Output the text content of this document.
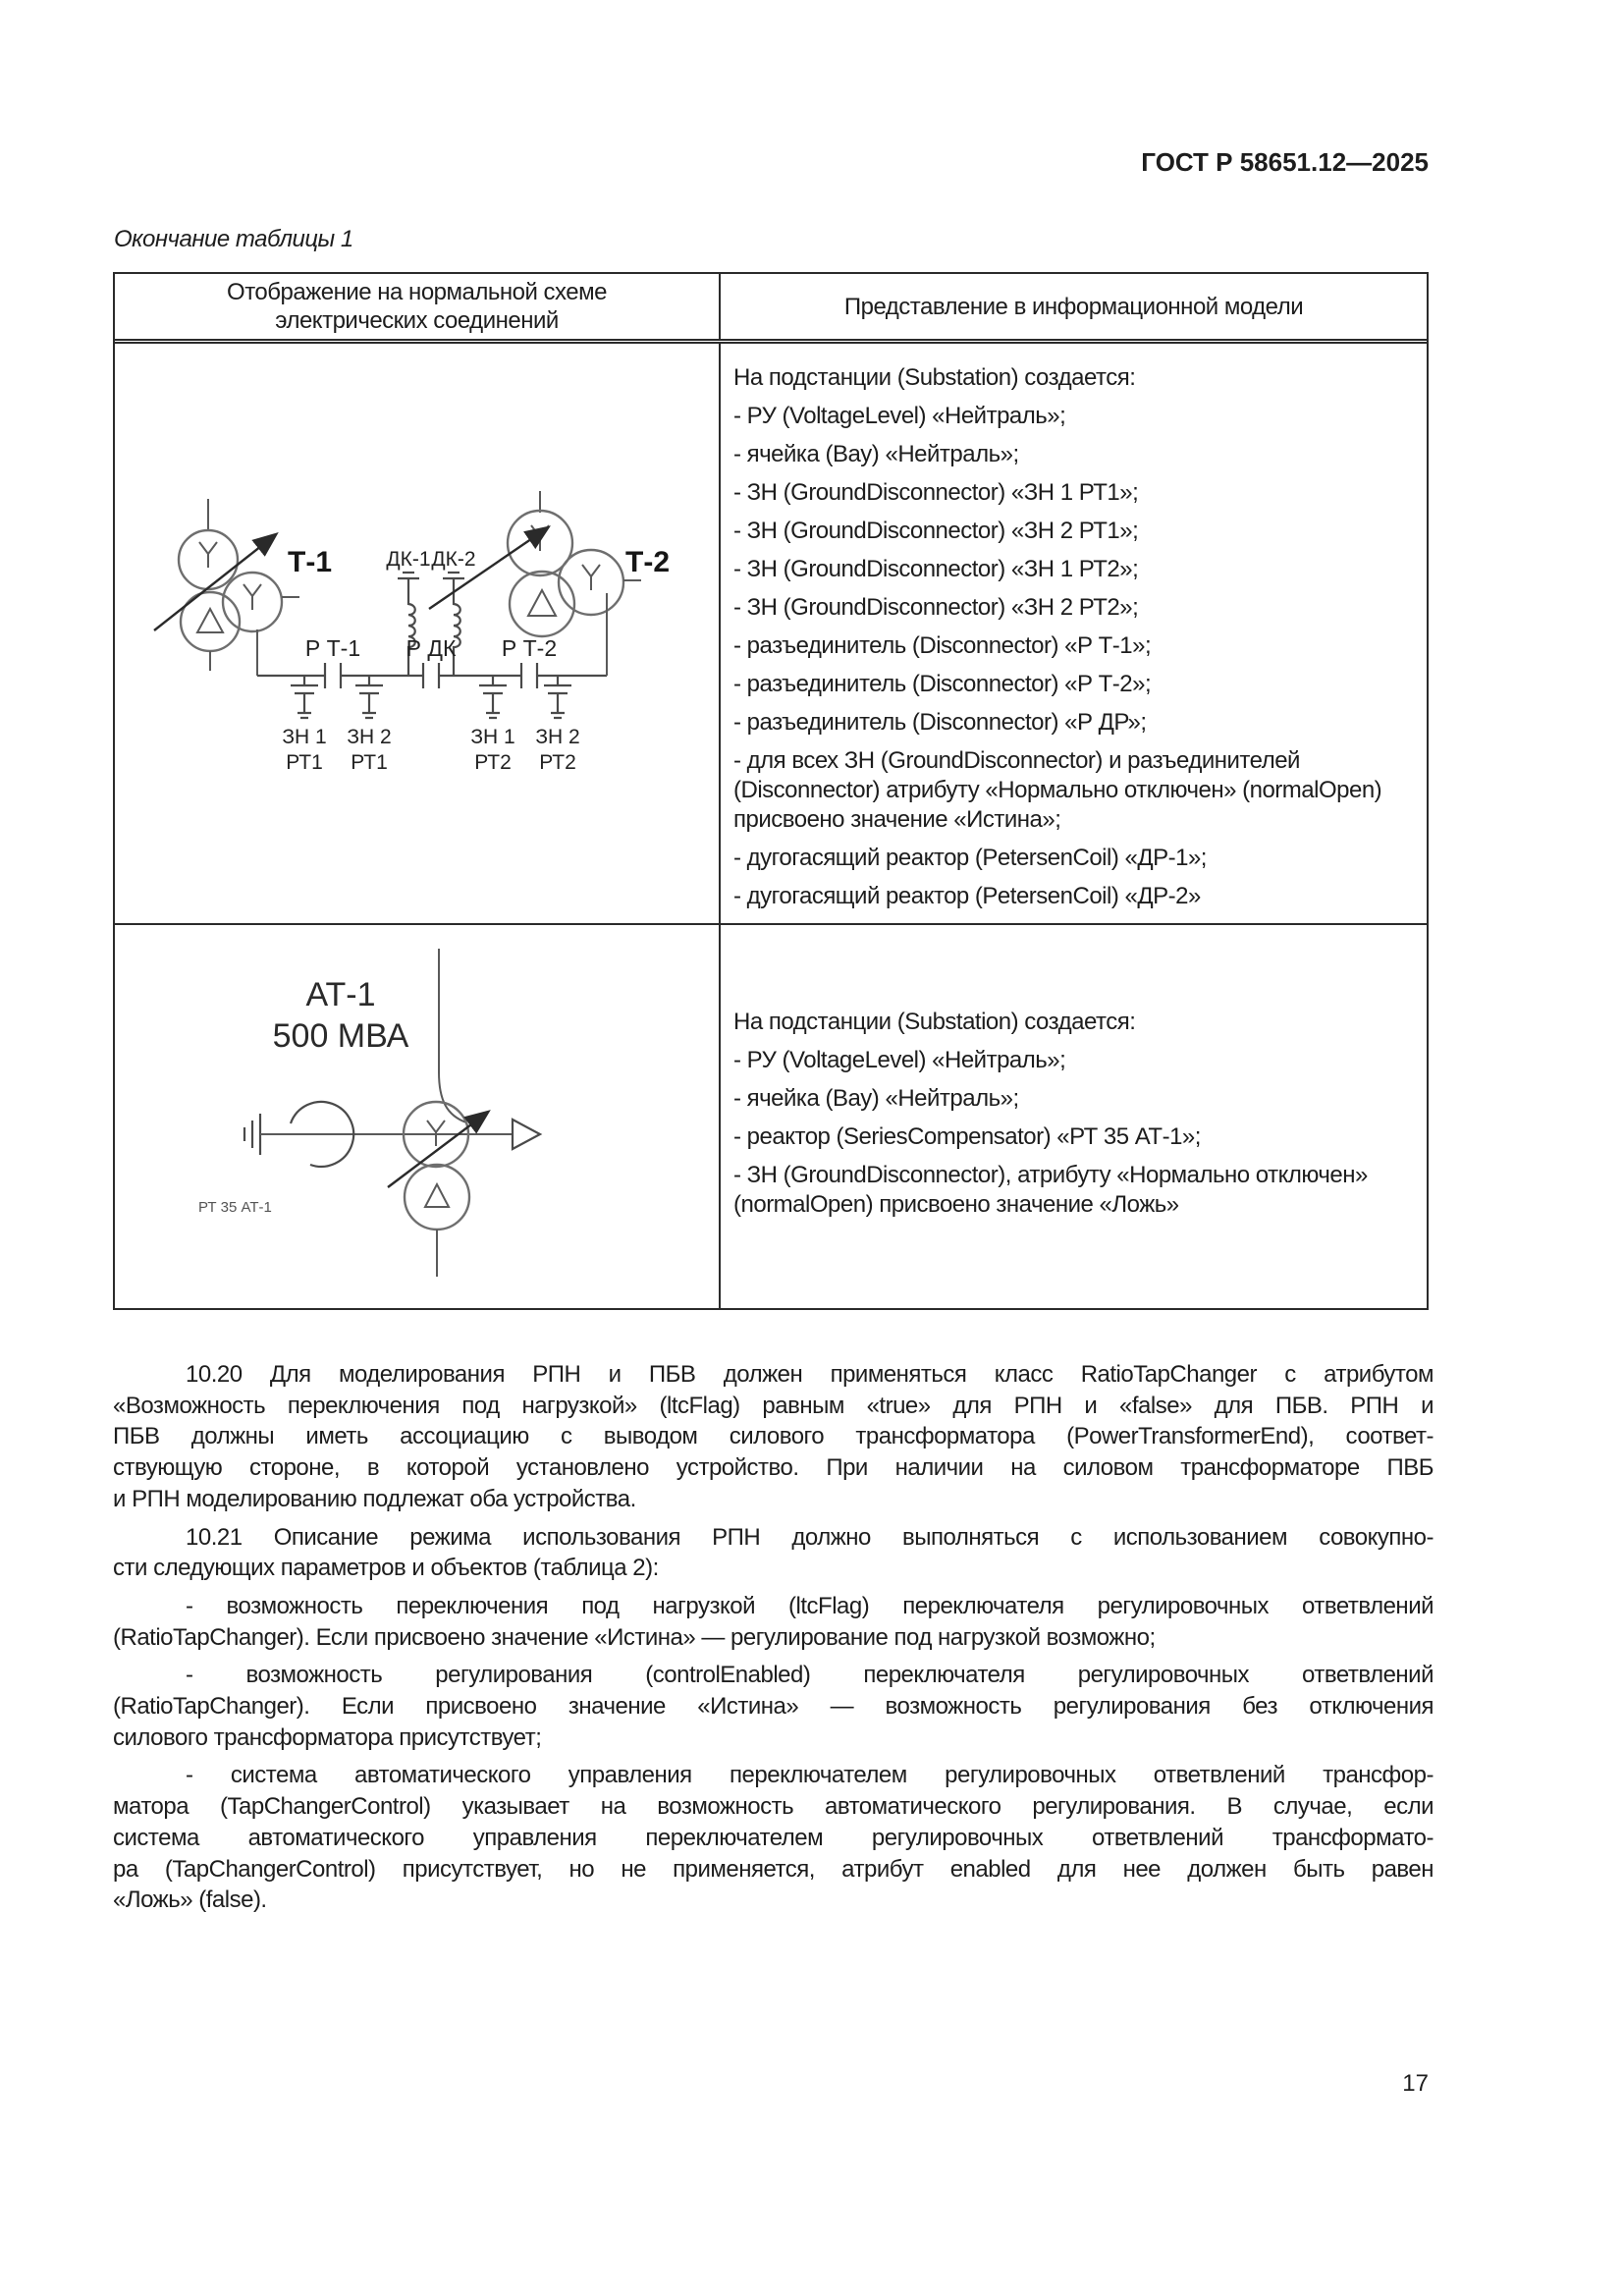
ГОСТ Р 58651.12—2025
Окончание таблицы 1
Отображение на нормальной схеме электрических соединений
Представление в информационной модели
Т-1	ДК-1 ДК-2
Р Т-1 Р ДК Р Т-2
ЗН 1
РТ1
ЗН 2
РТ1
ЗН 1
РТ2
ЗН 2
РТ2
Т-2
На подстанции (Substation) создается:
- РУ (VoltageLevel) «Нейтраль»;
- ячейка (Bay) «Нейтраль»;
- ЗН (GroundDisconnector) «ЗН 1 РТ1»;
- ЗН (GroundDisconnector) «ЗН 2 РТ1»;
- ЗН (GroundDisconnector) «ЗН 1 РТ2»;
- ЗН (GroundDisconnector) «ЗН 2 РТ2»;
- разъединитель (Disconnector) «Р Т-1»;
- разъединитель (Disconnector) «Р Т-2»;
- разъединитель (Disconnector) «Р ДР»;
- для всех ЗН (GroundDisconnector) и разъединителей (Disconnector) атрибуту «Нормально отключен» (normalOpen) присвоено значение «Истина»;
- дугогасящий реактор (PetersenCoil) «ДР-1»;
- дугогасящий реактор (PetersenCoil) «ДР-2»
АТ-1
500 МВА
РТ 35 АТ-1
На подстанции (Substation) создается:
- РУ (VoltageLevel) «Нейтраль»;
- ячейка (Bay) «Нейтраль»;
- реактор (SeriesCompensator) «РТ 35 АТ-1»;
- ЗН (GroundDisconnector), атрибуту «Нормально отключен» (normalOpen) присвоено значение «Ложь»
10.20 Для моделирования РПН и ПБВ должен применяться класс RatioTapChanger с атрибутом
«Возможность переключения под нагрузкой» (ltcFlag) равным «true» для РПН и «false» для ПБВ. РПН и
ПБВ должны иметь ассоциацию с выводом силового трансформатора (PowerTransformerEnd), соответ-
ствующую стороне, в которой установлено устройство. При наличии на силовом трансформаторе ПВБ
и РПН моделированию подлежат оба устройства.
10.21 Описание режима использования РПН должно выполняться с использованием совокупно-
сти следующих параметров и объектов (таблица 2):
- возможность переключения под нагрузкой (ltcFlag) переключателя регулировочных ответвлений
(RatioTapChanger). Если присвоено значение «Истина» — регулирование под нагрузкой возможно;
- возможность регулирования (controlEnabled) переключателя регулировочных ответвлений
(RatioTapChanger). Если присвоено значение «Истина» — возможность регулирования без отключения
силового трансформатора присутствует;
- система автоматического управления переключателем регулировочных ответвлений трансфор-
матора (TapChangerControl) указывает на возможность автоматического регулирования. В случае, если
система автоматического управления переключателем регулировочных ответвлений трансформато-
ра (TapChangerControl) присутствует, но не применяется, атрибут enabled для нее должен быть равен
«Ложь» (false).
17
